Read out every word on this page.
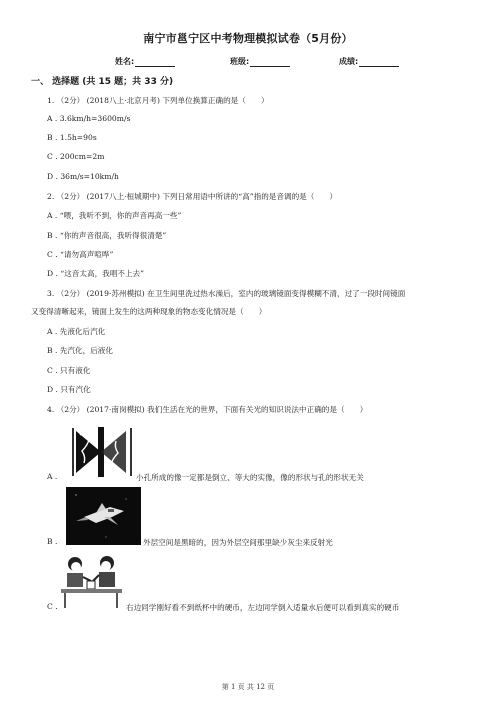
南宁市邕宁区中考物理模拟试卷（5月份）
姓名:	班级:	成绩:
一、 选择题 (共 15 题；共 33 分)
1. （2分） (2018八上·北京月考) 下列单位换算正确的是（　　）
A . 3.6km/h=3600m/s
B . 1.5h=90s
C . 200cm=2m
D . 36m/s=10km/h
2. （2分） (2017八上·桓城期中) 下列日常用语中所讲的“高”指的是音调的是（　　）
A . “喂，我听不到，你的声音再高一些”
B . “你的声音很高，我听得很清楚”
C . “请勿高声喧哗”
D . “这音太高，我唱不上去”
3. （2分） (2019·苏州模拟) 在卫生间里洗过热水澡后，室内的玻璃镜面变得模糊不清，过了一段时间镜面
又变得清晰起来，镜面上发生的这两种现象的物态变化情况是（　　）
A . 先液化后汽化
B . 先汽化，后液化
C . 只有液化
D . 只有汽化
4. （2分） (2017·南岗模拟) 我们生活在光的世界，下面有关光的知识说法中正确的是（　　）
A .	小孔所成的像一定都是倒立、等大的实像，像的形状与孔的形状无关
B .	外层空间是黑暗的，因为外层空间那里缺少灰尘来反射光
C .	右边同学刚好看不到纸杯中的硬币，左边同学倒入适量水后便可以看到真实的硬币
第 1 页 共 12 页
